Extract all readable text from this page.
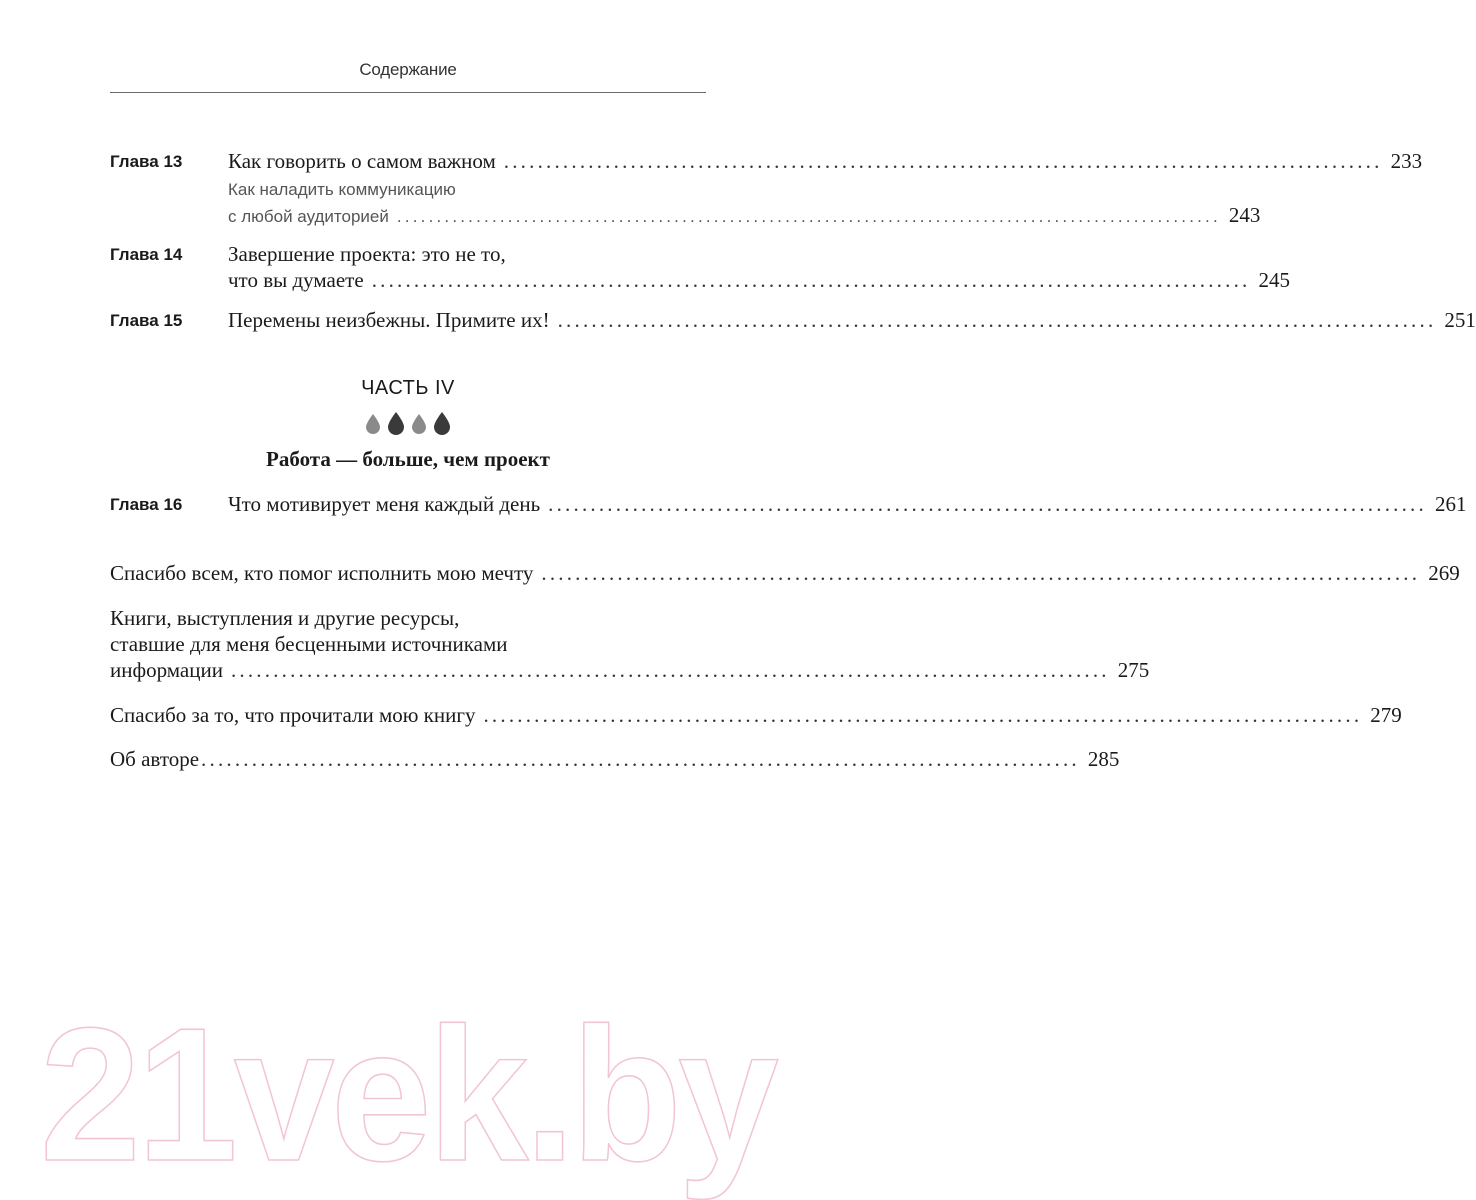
Содержание
Глава 13 Как говорить о самом важном ........................................................................................................ 233
Как наладить коммуникацию
с любой аудиторией ........................................................................................................ 243
Глава 14 Завершение проекта: это не то,
что вы думаете ........................................................................................................ 245
Глава 15 Перемены неизбежны. Примите их! ........................................................................................................ 251
ЧАСТЬ IV
Работа — больше, чем проект
Глава 16 Что мотивирует меня каждый день ........................................................................................................ 261
Спасибо всем, кто помог исполнить мою мечту ........................................................................................................ 269
Книги, выступления и другие ресурсы,
ставшие для меня бесценными источниками
информации ........................................................................................................ 275
Спасибо за то, что прочитали мою книгу ........................................................................................................ 279
Об авторе ........................................................................................................ 285
21vek.by
